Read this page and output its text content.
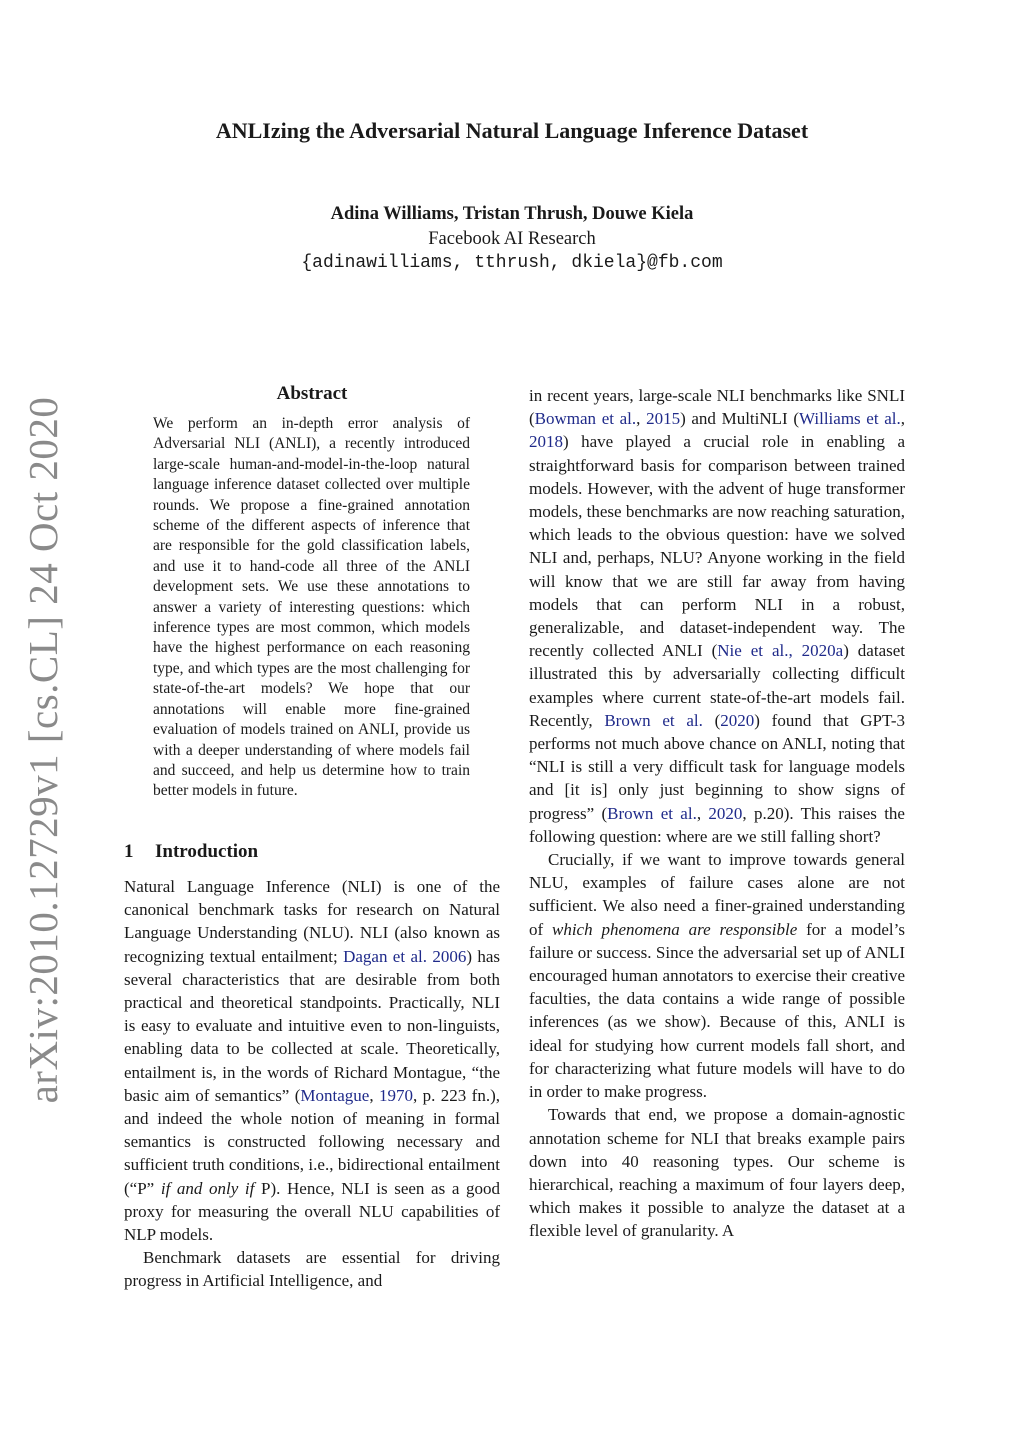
arXiv:2010.12729v1 [cs.CL] 24 Oct 2020
ANLIzing the Adversarial Natural Language Inference Dataset
Adina Williams, Tristan Thrush, Douwe Kiela
Facebook AI Research
{adinawilliams, tthrush, dkiela}@fb.com
Abstract
We perform an in-depth error analysis of Adversarial NLI (ANLI), a recently introduced large-scale human-and-model-in-the-loop natural language inference dataset collected over multiple rounds. We propose a fine-grained annotation scheme of the different aspects of inference that are responsible for the gold classification labels, and use it to hand-code all three of the ANLI development sets. We use these annotations to answer a variety of interesting questions: which inference types are most common, which models have the highest performance on each reasoning type, and which types are the most challenging for state-of-the-art models? We hope that our annotations will enable more fine-grained evaluation of models trained on ANLI, provide us with a deeper understanding of where models fail and succeed, and help us determine how to train better models in future.
1 Introduction

Natural Language Inference (NLI) is one of the canonical benchmark tasks for research on Natural Language Understanding (NLU). NLI (also known as recognizing textual entailment; Dagan et al. 2006) has several characteristics that are desirable from both practical and theoretical standpoints. Practically, NLI is easy to evaluate and intuitive even to non-linguists, enabling data to be collected at scale. Theoretically, entailment is, in the words of Richard Montague, “the basic aim of semantics” (Montague, 1970, p. 223 fn.), and indeed the whole notion of meaning in formal semantics is constructed following necessary and sufficient truth conditions, i.e., bidirectional entailment (“P” if and only if P). Hence, NLI is seen as a good proxy for measuring the overall NLU capabilities of NLP models.

Benchmark datasets are essential for driving progress in Artificial Intelligence, and

in recent years, large-scale NLI benchmarks like SNLI (Bowman et al., 2015) and MultiNLI (Williams et al., 2018) have played a crucial role in enabling a straightforward basis for comparison between trained models. However, with the advent of huge transformer models, these benchmarks are now reaching saturation, which leads to the obvious question: have we solved NLI and, perhaps, NLU? Anyone working in the field will know that we are still far away from having models that can perform NLI in a robust, generalizable, and dataset-independent way. The recently collected ANLI (Nie et al., 2020a) dataset illustrated this by adversarially collecting difficult examples where current state-of-the-art models fail. Recently, Brown et al. (2020) found that GPT-3 performs not much above chance on ANLI, noting that “NLI is still a very difficult task for language models and [it is] only just beginning to show signs of progress” (Brown et al., 2020, p.20). This raises the following question: where are we still falling short?

Crucially, if we want to improve towards general NLU, examples of failure cases alone are not sufficient. We also need a finer-grained understanding of which phenomena are responsible for a model’s failure or success. Since the adversarial set up of ANLI encouraged human annotators to exercise their creative faculties, the data contains a wide range of possible inferences (as we show). Because of this, ANLI is ideal for studying how current models fall short, and for characterizing what future models will have to do in order to make progress.

Towards that end, we propose a domain-agnostic annotation scheme for NLI that breaks example pairs down into 40 reasoning types. Our scheme is hierarchical, reaching a maximum of four layers deep, which makes it possible to analyze the dataset at a flexible level of granularity. A
